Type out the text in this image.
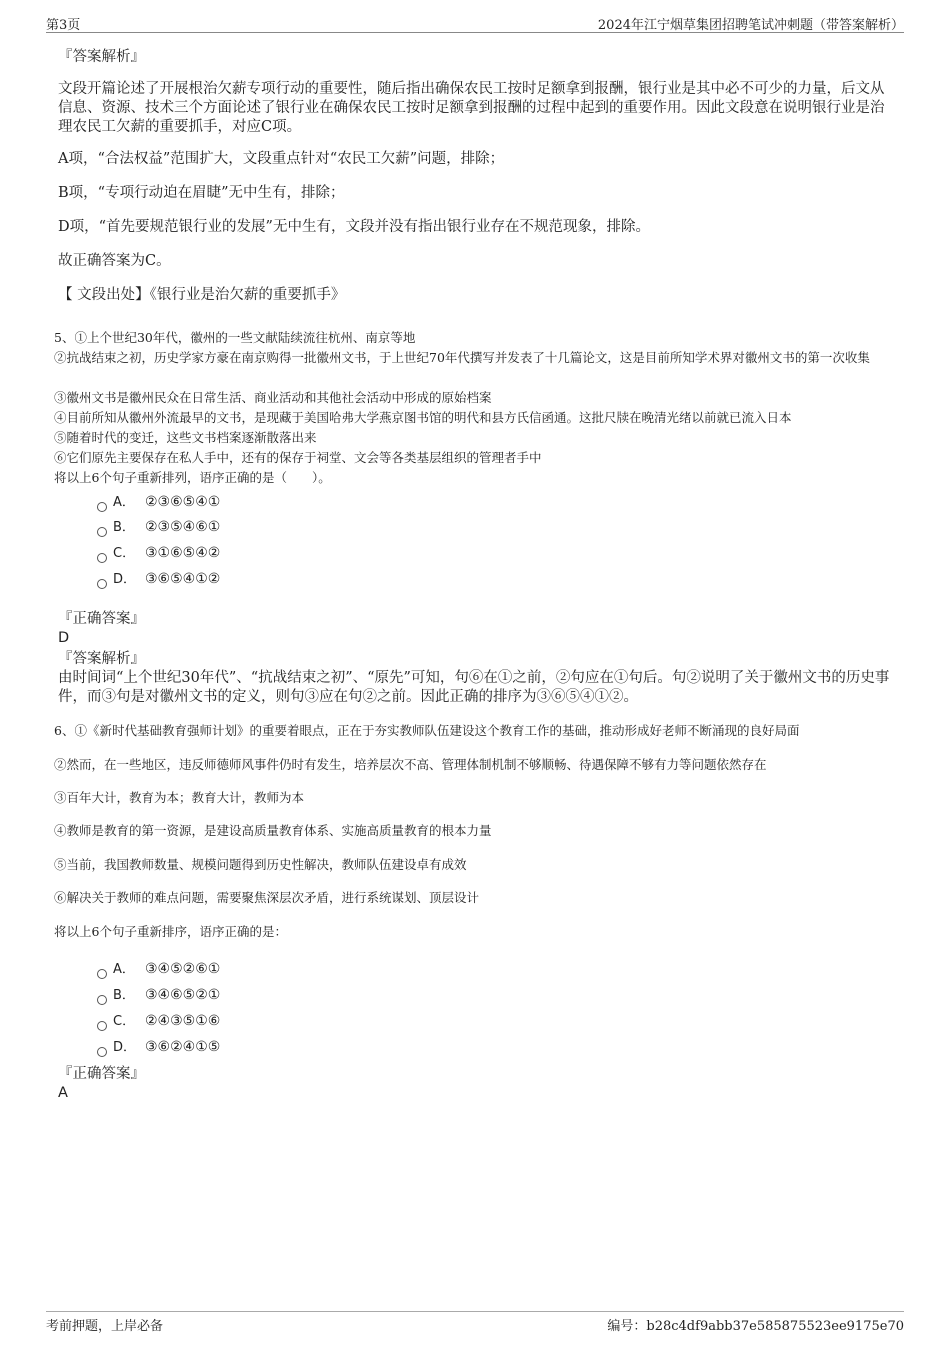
第3页	2024年江宁烟草集团招聘笔试冲刺题（带答案解析）
『答案解析』
文段开篇论述了开展根治欠薪专项行动的重要性，随后指出确保农民工按时足额拿到报酬，银行业是其中必不可少的力量，后文从信息、资源、技术三个方面论述了银行业在确保农民工按时足额拿到报酬的过程中起到的重要作用。因此文段意在说明银行业是治理农民工欠薪的重要抓手，对应C项。
A项，“合法权益”范围扩大，文段重点针对“农民工欠薪”问题，排除；
B项，“专项行动迫在眉睫”无中生有，排除；
D项，“首先要规范银行业的发展”无中生有，文段并没有指出银行业存在不规范现象，排除。
故正确答案为C。
【 文段出处】《银行业是治欠薪的重要抓手》
5、①上个世纪30年代，徽州的一些文献陆续流往杭州、南京等地
②抗战结束之初，历史学家方豪在南京购得一批徽州文书，于上世纪70年代撰写并发表了十几篇论文，这是目前所知学术界对徽州文书的第一次收集
③徽州文书是徽州民众在日常生活、商业活动和其他社会活动中形成的原始档案
④目前所知从徽州外流最早的文书，是现藏于美国哈弗大学燕京图书馆的明代和县方氏信函通。这批尺牍在晚清光绪以前就已流入日本
⑤随着时代的变迁，这些文书档案逐渐散落出来
⑥它们原先主要保存在私人手中，还有的保存于祠堂、文会等各类基层组织的管理者手中
将以上6个句子重新排列，语序正确的是（　　）。
A． ②③⑥⑤④①
B． ②③⑤④⑥①
C． ③①⑥⑤④②
D． ③⑥⑤④①②
『正确答案』
D
『答案解析』
由时间词“上个世纪30年代”、“抗战结束之初”、“原先”可知，句⑥在①之前，②句应在①句后。句②说明了关于徽州文书的历史事件，而③句是对徽州文书的定义，则句③应在句②之前。因此正确的排序为③⑥⑤④①②。
6、①《新时代基础教育强师计划》的重要着眼点，正在于夯实教师队伍建设这个教育工作的基础，推动形成好老师不断涌现的良好局面
②然而，在一些地区，违反师德师风事件仍时有发生，培养层次不高、管理体制机制不够顺畅、待遇保障不够有力等问题依然存在
③百年大计，教育为本；教育大计，教师为本
④教师是教育的第一资源，是建设高质量教育体系、实施高质量教育的根本力量
⑤当前，我国教师数量、规模问题得到历史性解决，教师队伍建设卓有成效
⑥解决关于教师的难点问题，需要聚焦深层次矛盾，进行系统谋划、顶层设计
将以上6个句子重新排序，语序正确的是：
A． ③④⑤②⑥①
B． ③④⑥⑤②①
C． ②④③⑤①⑥
D． ③⑥②④①⑤
『正确答案』
A
考前押题，上岸必备	编号：b28c4df9abb37e585875523ee9175e70
